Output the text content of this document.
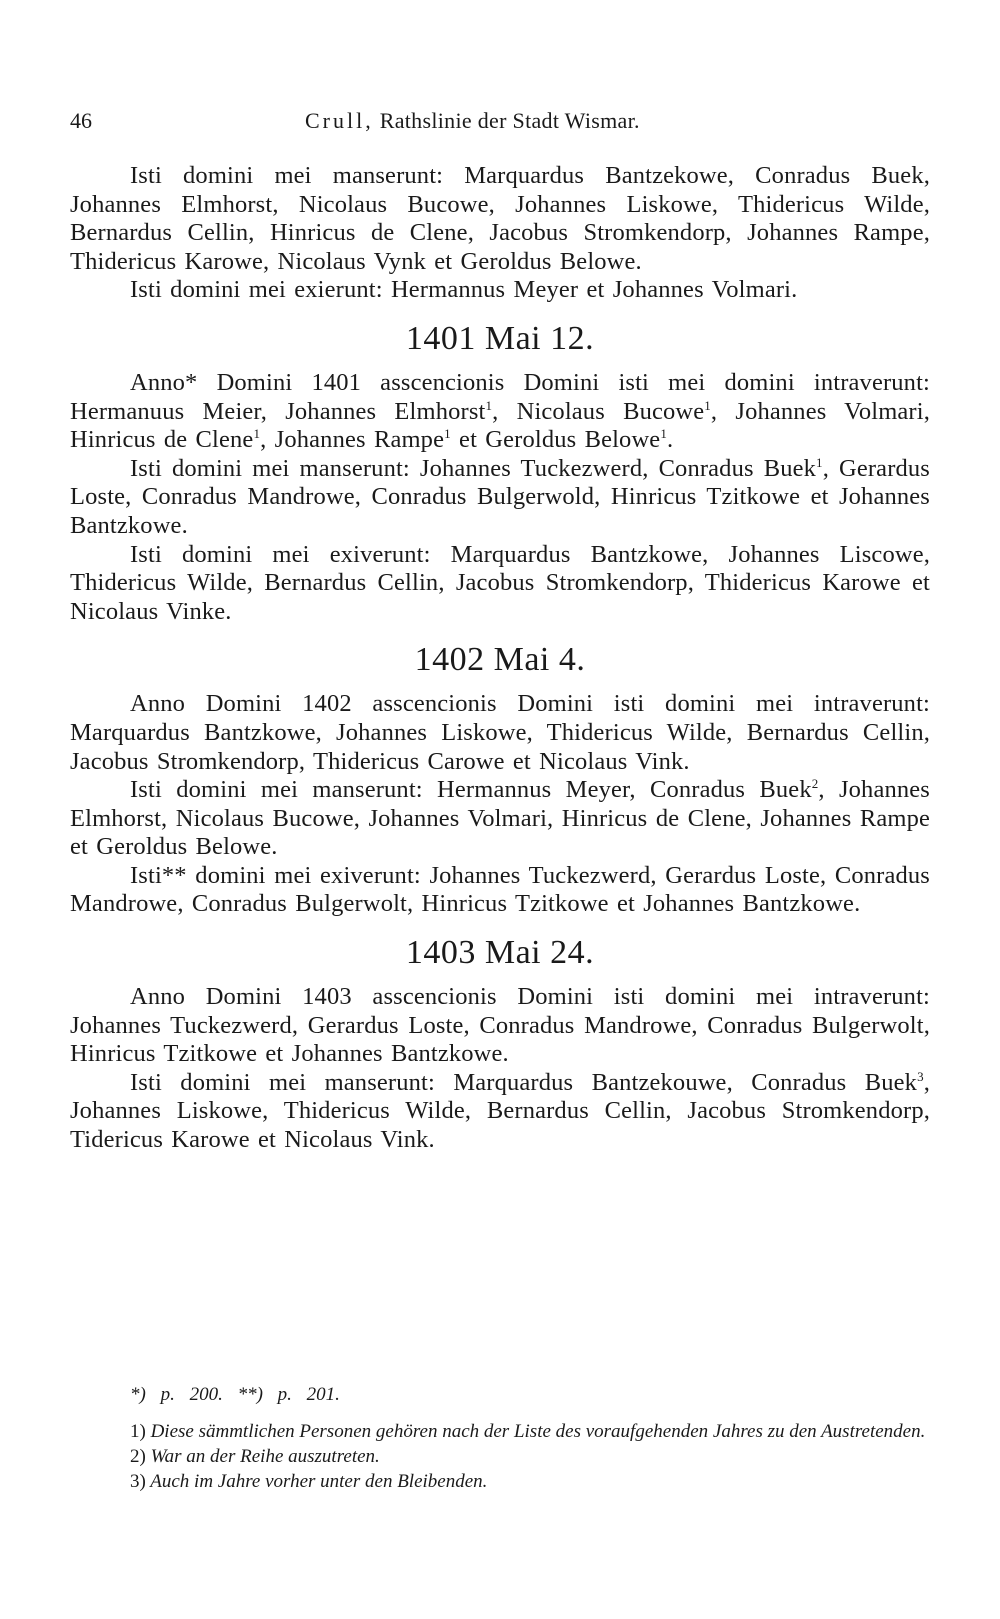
46	Crull, Rathslinie der Stadt Wismar.

Isti domini mei manserunt: Marquardus Bantzekowe, Conradus Buek, Johannes Elmhorst, Nicolaus Bucowe, Johannes Liskowe, Thidericus Wilde, Bernardus Cellin, Hinricus de Clene, Jacobus Stromkendorp, Johannes Rampe, Thidericus Karowe, Nicolaus Vynk et Geroldus Belowe.

Isti domini mei exierunt: Hermannus Meyer et Johannes Volmari.

1401 Mai 12.

Anno* Domini 1401 asscencionis Domini isti mei domini intraverunt: Hermanuus Meier, Johannes Elmhorst$^1$, Nicolaus Bucowe$^1$, Johannes Volmari, Hinricus de Clene$^1$, Johannes Rampe$^1$ et Geroldus Belowe$^1$.

Isti domini mei manserunt: Johannes Tuckezwerd, Conradus Buek$^1$, Gerardus Loste, Conradus Mandrowe, Conradus Bulgerwold, Hinricus Tzitkowe et Johannes Bantzkowe.

Isti domini mei exiverunt: Marquardus Bantzkowe, Johannes Liscowe, Thidericus Wilde, Bernardus Cellin, Jacobus Stromkendorp, Thidericus Karowe et Nicolaus Vinke.

1402 Mai 4.

Anno Domini 1402 asscencionis Domini isti domini mei intraverunt: Marquardus Bantzkowe, Johannes Liskowe, Thidericus Wilde, Bernardus Cellin, Jacobus Stromkendorp, Thidericus Carowe et Nicolaus Vink.

Isti domini mei manserunt: Hermannus Meyer, Conradus Buek$^2$, Johannes Elmhorst, Nicolaus Bucowe, Johannes Volmari, Hinricus de Clene, Johannes Rampe et Geroldus Belowe.

Isti** domini mei exiverunt: Johannes Tuckezwerd, Gerardus Loste, Conradus Mandrowe, Conradus Bulgerwolt, Hinricus Tzitkowe et Johannes Bantzkowe.

1403 Mai 24.

Anno Domini 1403 asscencionis Domini isti domini mei intraverunt: Johannes Tuckezwerd, Gerardus Loste, Conradus Mandrowe, Conradus Bulgerwolt, Hinricus Tzitkowe et Johannes Bantzkowe.

Isti domini mei manserunt: Marquardus Bantzekouwe, Conradus Buek$^3$, Johannes Liskowe, Thidericus Wilde, Bernardus Cellin, Jacobus Stromkendorp, Tidericus Karowe et Nicolaus Vink.

*) p. 200. **) p. 201.

1) Diese sämmtlichen Personen gehören nach der Liste des voraufgehenden Jahres zu den Austretenden.

2) War an der Reihe auszutreten.

3) Auch im Jahre vorher unter den Bleibenden.
